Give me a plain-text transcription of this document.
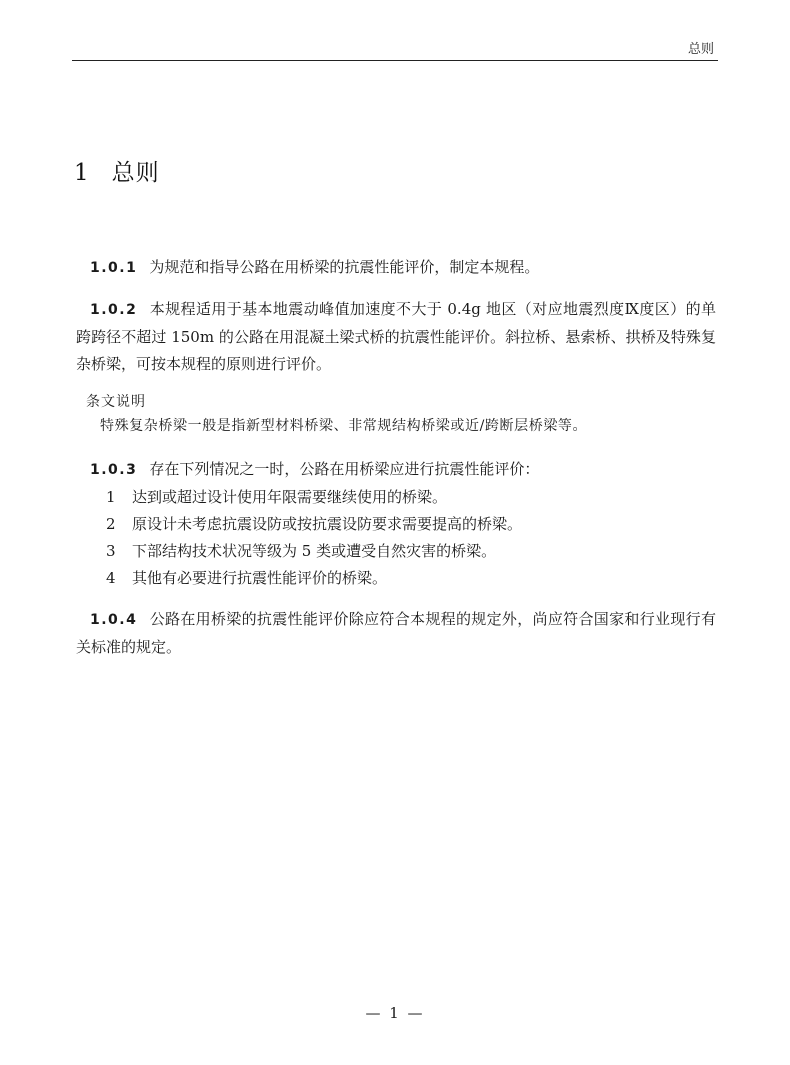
总则
1 总则

1.0.1 为规范和指导公路在用桥梁的抗震性能评价，制定本规程。

1.0.2 本规程适用于基本地震动峰值加速度不大于 0.4g 地区（对应地震烈度Ⅸ度区）的单跨跨径不超过 150m 的公路在用混凝土梁式桥的抗震性能评价。斜拉桥、悬索桥、拱桥及特殊复杂桥梁，可按本规程的原则进行评价。

条文说明
特殊复杂桥梁一般是指新型材料桥梁、非常规结构桥梁或近/跨断层桥梁等。

1.0.3 存在下列情况之一时，公路在用桥梁应进行抗震性能评价：

1 达到或超过设计使用年限需要继续使用的桥梁。
2 原设计未考虑抗震设防或按抗震设防要求需要提高的桥梁。
3 下部结构技术状况等级为 5 类或遭受自然灾害的桥梁。
4 其他有必要进行抗震性能评价的桥梁。

1.0.4 公路在用桥梁的抗震性能评价除应符合本规程的规定外，尚应符合国家和行业现行有关标准的规定。

— 1 —
